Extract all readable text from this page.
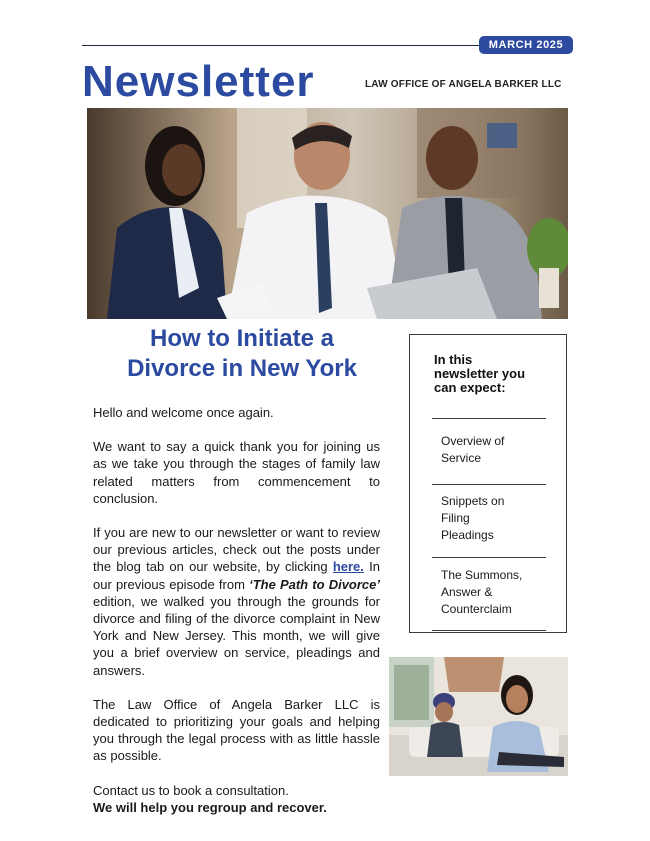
MARCH 2025
Newsletter	LAW OFFICE OF ANGELA BARKER LLC
How to Initiate a
Divorce in New York

Hello and welcome once again.

We want to say a quick thank you for joining us as we take you through the stages of family law related matters from commencement to conclusion.

If you are new to our newsletter or want to review our previous articles, check out the posts under the blog tab on our website, by clicking here. In our previous episode from ‘The Path to Divorce’ edition, we walked you through the grounds for divorce and filing of the divorce complaint in New York and New Jersey. This month, we will give you a brief overview on service, pleadings and answers.

The Law Office of Angela Barker LLC is dedicated to prioritizing your goals and helping you through the legal process with as little hassle as possible.

Contact us to book a consultation.
We will help you regroup and recover.
In this
newsletter you
can expect:
Overview of
Service
Snippets on
Filing
Pleadings
The Summons,
Answer &
Counterclaim
